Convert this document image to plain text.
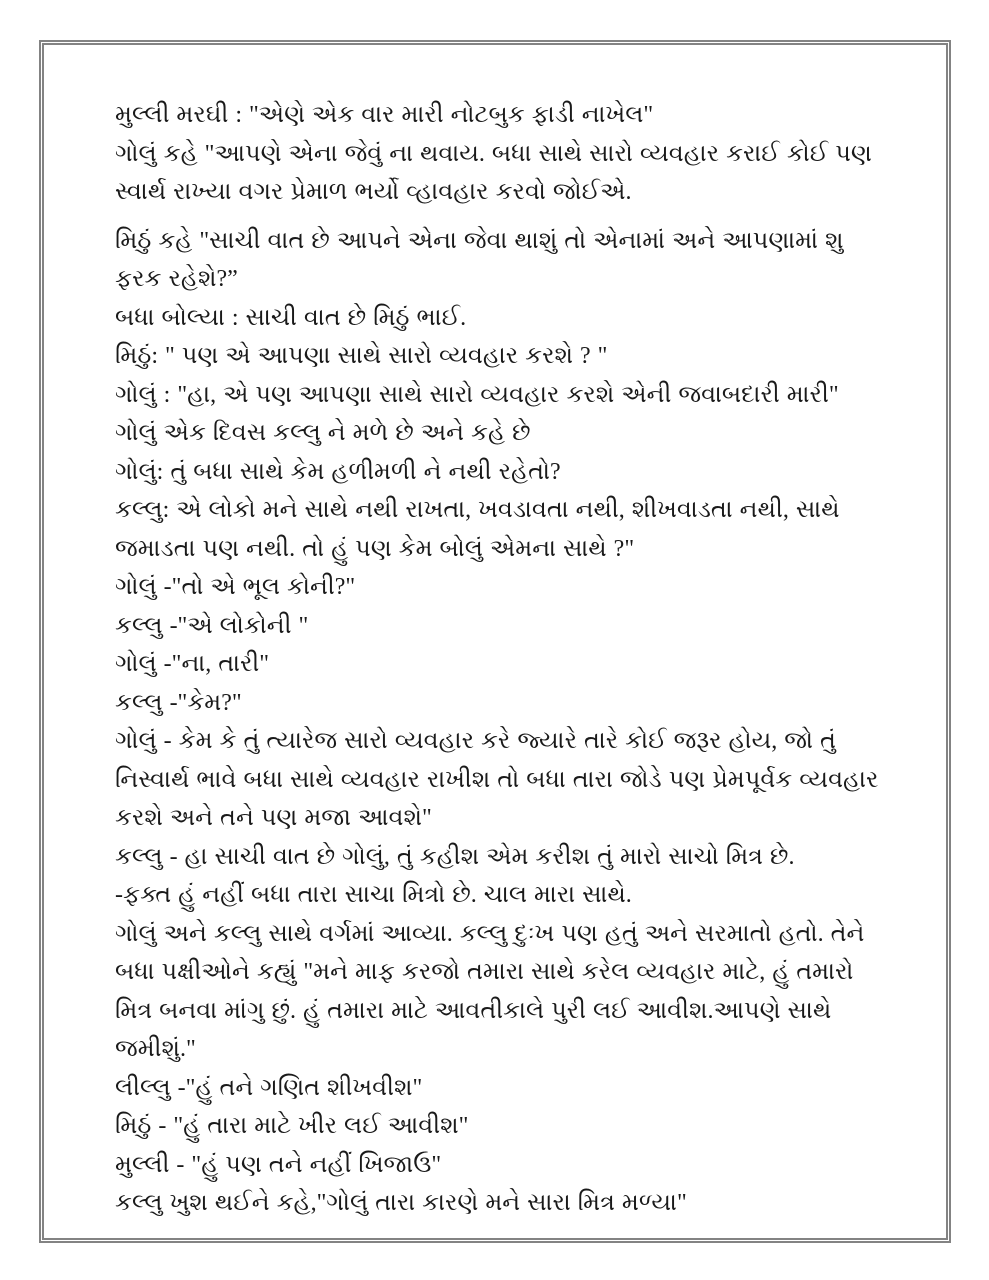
મુલ્લી મરઘી : "એણે એક વાર મારી નોટબુક ફાડી નાખેલ"

ગોલું કહે "આપણે એના જેવું ના થવાય. બધા સાથે સારો વ્યવહાર કરાઈ કોઈ પણ સ્વાર્થ રાખ્યા વગર પ્રેમાળ ભર્યો વ્હાવહાર કરવો જોઈએ.

મિઠું કહે "સાચી વાત છે આપને એના જેવા થાશું તો એનામાં અને આપણામાં શુ ફરક રહેશે?”

બધા બોલ્યા : સાચી વાત છે મિઠું ભાઈ.

મિઠું: " પણ એ આપણા સાથે સારો વ્યવહાર કરશે ? "

ગોલું : "હા, એ પણ આપણા સાથે સારો વ્યવહાર કરશે એની જવાબદારી મારી"

ગોલું એક દિવસ કલ્લુ ને મળે છે અને કહે છે

ગોલું: તું બધા સાથે કેમ હળીમળી ને નથી રહેતો?

કલ્લુ: એ લોકો મને સાથે નથી રાખતા, ખવડાવતા નથી, શીખવાડતા નથી, સાથે જમાડતા પણ નથી. તો હું પણ કેમ બોલું એમના સાથે ?"

ગોલું -"તો એ ભૂલ કોની?"

કલ્લુ -"એ લોકોની "

ગોલું -"ના, તારી"

કલ્લુ -"કેમ?"

ગોલું - કેમ કે તું ત્યારેજ સારો વ્યવહાર કરે જ્યારે તારે કોઈ જરૂર હોય, જો તું નિસ્વાર્થ ભાવે બધા સાથે વ્યવહાર રાખીશ તો બધા તારા જોડે પણ પ્રેમપૂર્વક વ્યવહાર કરશે અને તને પણ મજા આવશે"

કલ્લુ - હા સાચી વાત છે ગોલું, તું કહીશ એમ કરીશ તું મારો સાચો મિત્ર છે.

-ફક્ત હું નહીં બધા તારા સાચા મિત્રો છે. ચાલ મારા સાથે.

ગોલું અને કલ્લુ સાથે વર્ગમાં આવ્યા. કલ્લુ દુઃખ પણ હતું અને સરમાતો હતો. તેને બધા પક્ષીઓને કહ્યું "મને માફ કરજો તમારા સાથે કરેલ વ્યવહાર માટે, હું તમારો મિત્ર બનવા માંગુ છું. હું તમારા માટે આવતીકાલે પુરી લઈ આવીશ.આપણે સાથે જમીશું."

લીલ્લુ -"હું તને ગણિત શીખવીશ"

મિઠું - "હું તારા માટે ખીર લઈ આવીશ"

મુલ્લી - "હું પણ તને નહીં ખિજાઉ"

કલ્લુ ખુશ થઈને કહે,"ગોલું તારા કારણે મને સારા મિત્ર મળ્યા"
